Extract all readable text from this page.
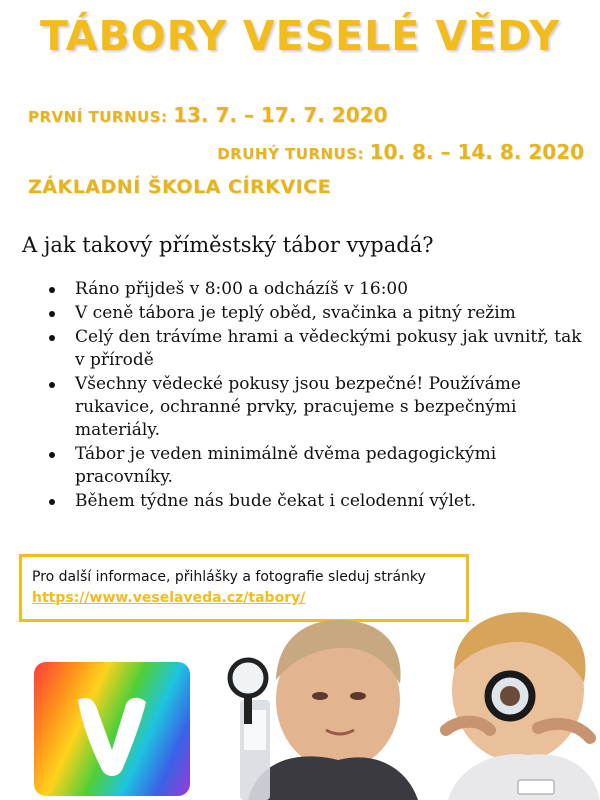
TÁBORY VESELÉ VĚDY
PRVNÍ TURNUS: 13. 7. – 17. 7. 2020
DRUHÝ TURNUS: 10. 8. – 14. 8. 2020
ZÁKLADNÍ ŠKOLA CÍRKVICE
A jak takový příměstský tábor vypadá?
Ráno přijdeš v 8:00 a odcházíš v 16:00
V ceně tábora je teplý oběd, svačinka a pitný režim
Celý den trávíme hrami a vědeckými pokusy jak uvnitř, tak v přírodě
Všechny vědecké pokusy jsou bezpečné! Používáme rukavice, ochranné prvky, pracujeme s bezpečnými materiály.
Tábor je veden minimálně dvěma pedagogickými pracovníky.
Během týdne nás bude čekat i celodenní výlet.
Pro další informace, přihlášky a fotografie sleduj stránky https://www.veselaveda.cz/tabory/
